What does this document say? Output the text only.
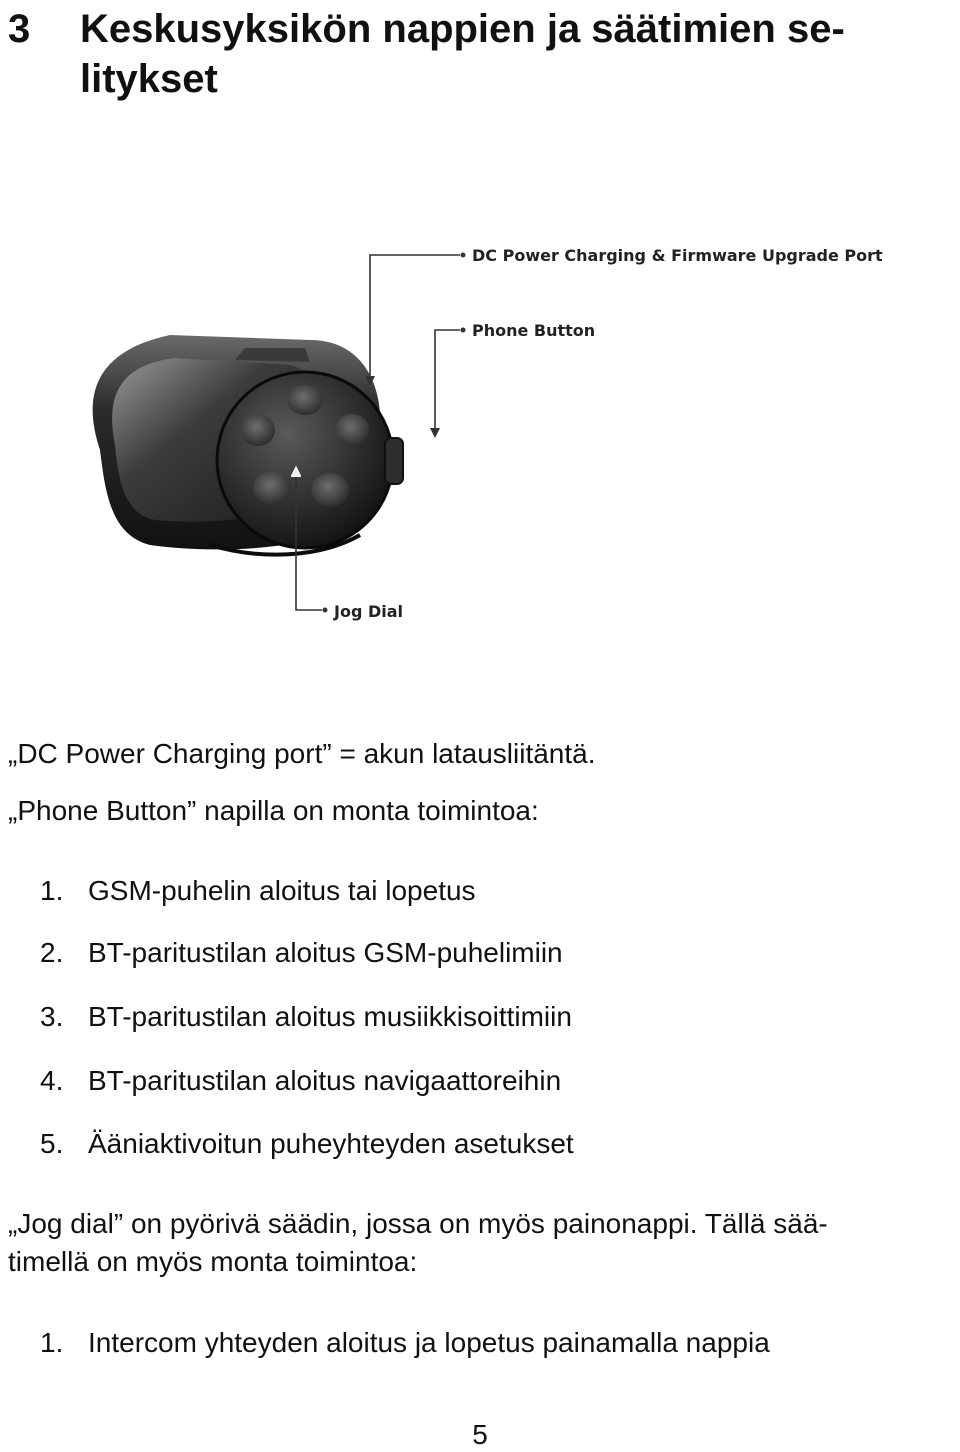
3 Keskusyksikön nappien ja säätimien se-
litykset
DC Power Charging & Firmware Upgrade Port
Phone Button
Jog Dial
„DC Power Charging port” = akun latausliitäntä.
„Phone Button” napilla on monta toimintoa:
1. GSM-puhelin aloitus tai lopetus
2. BT-paritustilan aloitus GSM-puhelimiin
3. BT-paritustilan aloitus musiikkisoittimiin
4. BT-paritustilan aloitus navigaattoreihin
5. Ääniaktivoitun puheyhteyden asetukset
„Jog dial” on pyörivä säädin, jossa on myös painonappi. Tällä sää-
timellä on myös monta toimintoa:
1. Intercom yhteyden aloitus ja lopetus painamalla nappia
5
